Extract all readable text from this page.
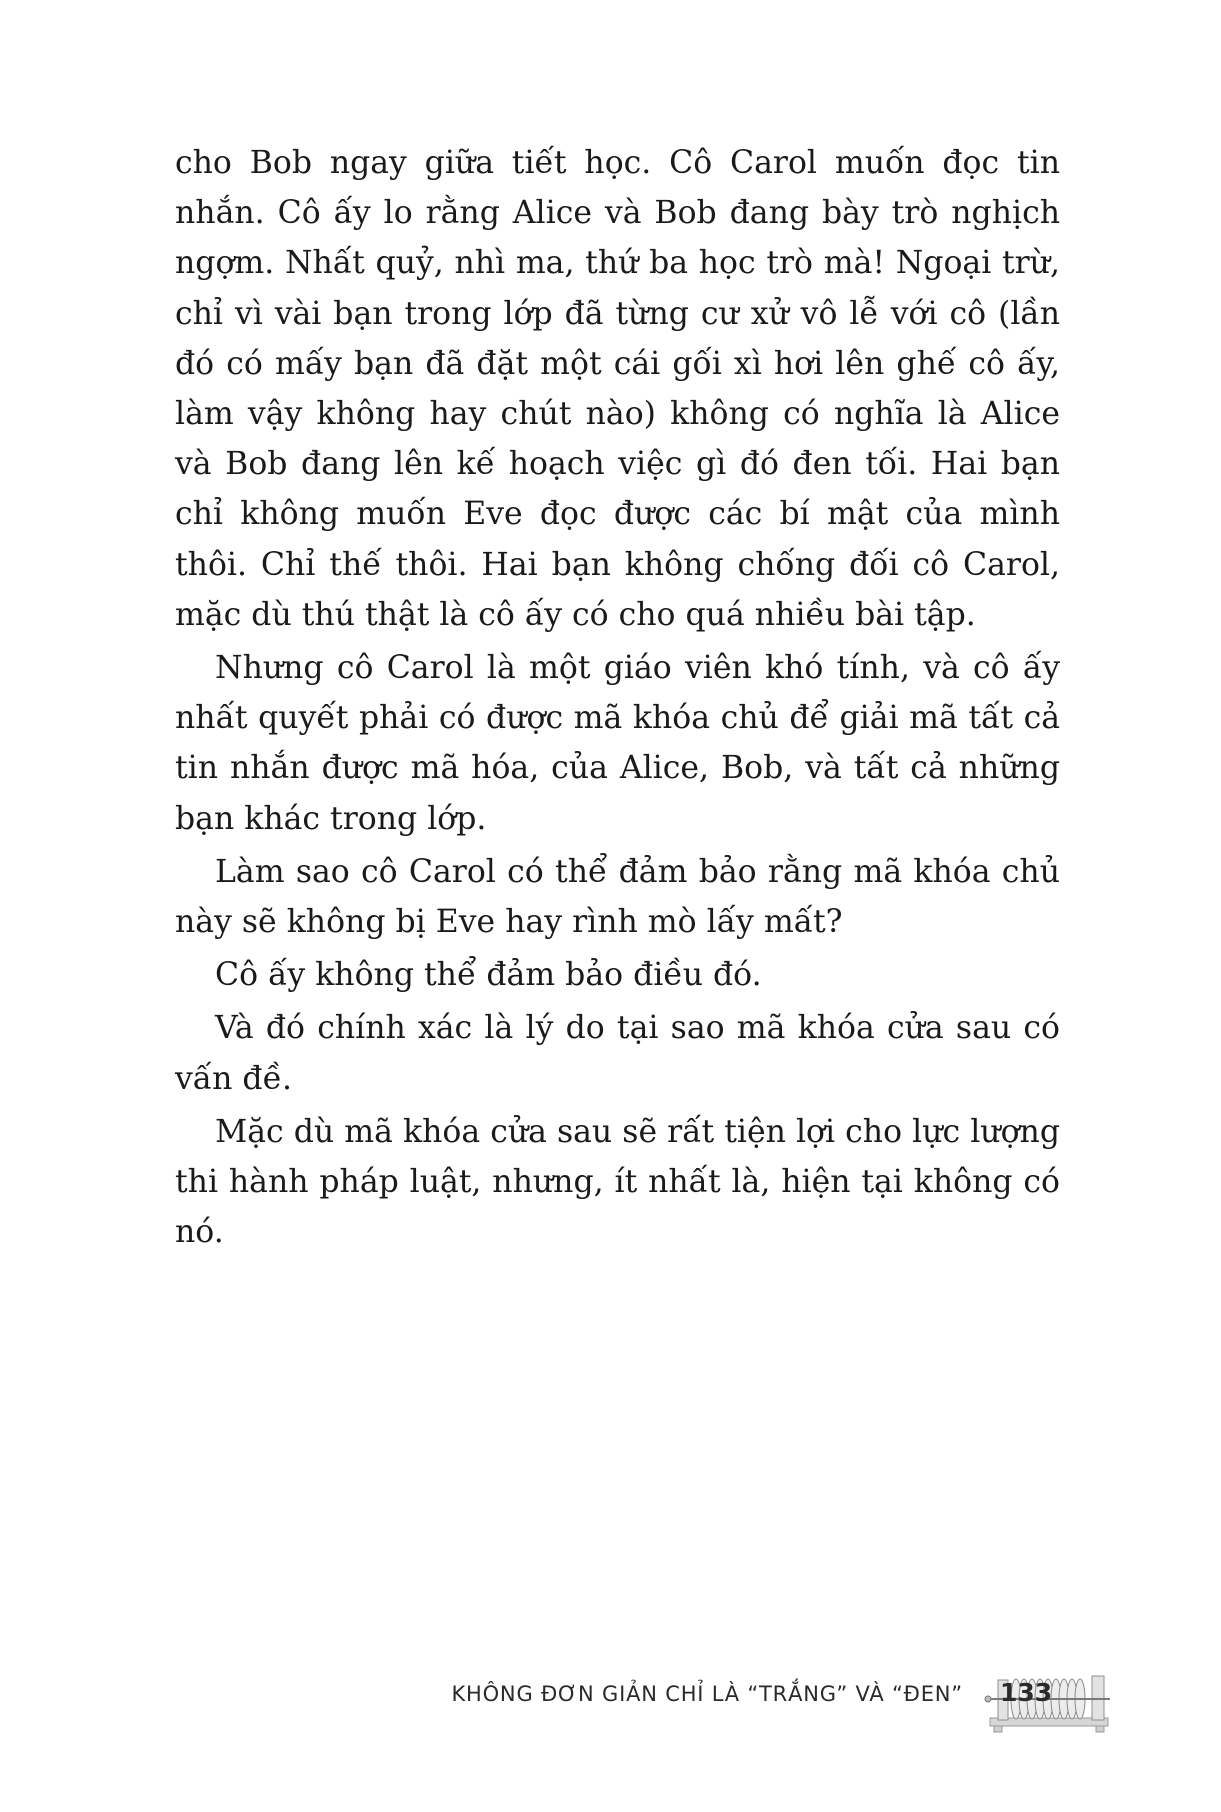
cho Bob ngay giữa tiết học. Cô Carol muốn đọc tin nhắn. Cô ấy lo rằng Alice và Bob đang bày trò nghịch ngợm. Nhất quỷ, nhì ma, thứ ba học trò mà! Ngoại trừ, chỉ vì vài bạn trong lớp đã từng cư xử vô lễ với cô (lần đó có mấy bạn đã đặt một cái gối xì hơi lên ghế cô ấy, làm vậy không hay chút nào) không có nghĩa là Alice và Bob đang lên kế hoạch việc gì đó đen tối. Hai bạn chỉ không muốn Eve đọc được các bí mật của mình thôi. Chỉ thế thôi. Hai bạn không chống đối cô Carol, mặc dù thú thật là cô ấy có cho quá nhiều bài tập.

Nhưng cô Carol là một giáo viên khó tính, và cô ấy nhất quyết phải có được mã khóa chủ để giải mã tất cả tin nhắn được mã hóa, của Alice, Bob, và tất cả những bạn khác trong lớp.

Làm sao cô Carol có thể đảm bảo rằng mã khóa chủ này sẽ không bị Eve hay rình mò lấy mất?

Cô ấy không thể đảm bảo điều đó.

Và đó chính xác là lý do tại sao mã khóa cửa sau có vấn đề.

Mặc dù mã khóa cửa sau sẽ rất tiện lợi cho lực lượng thi hành pháp luật, nhưng, ít nhất là, hiện tại không có nó.

KHÔNG ĐƠN GIẢN CHỈ LÀ “TRẮNG” VÀ “ĐEN” 133
